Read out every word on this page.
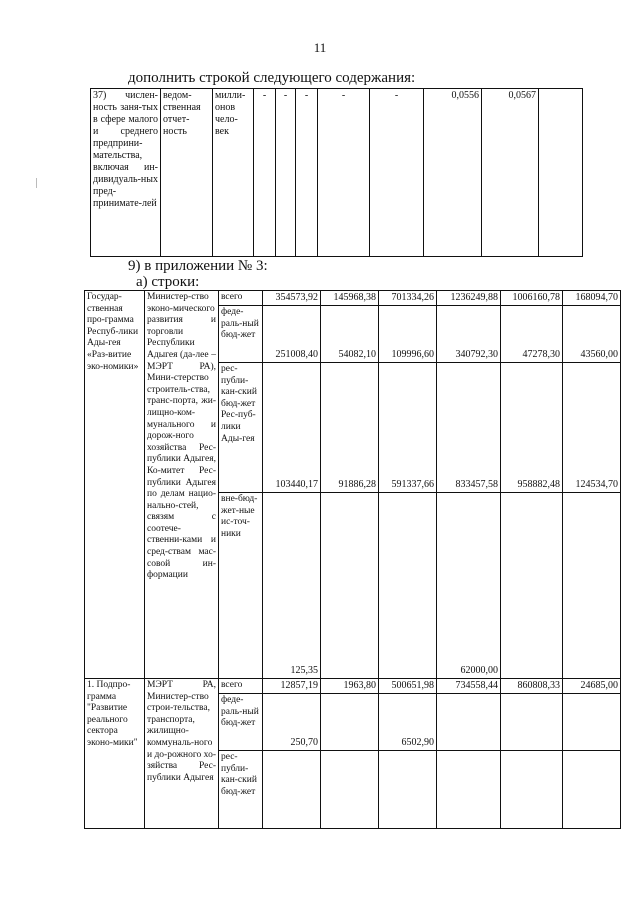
11
дополнить строкой следующего содержания:
37) числен-ность заня-тых в сфере малого и среднего предприни-мательства, включая ин-дивидуаль-ных пред-принимате-лей	ведом-ственная отчет-ность	милли-онов чело-век	-	-	-	-	-	0,0556	0,0567	
9) в приложении № 3:
а) строки:
Государ-ственная про-грамма Респуб-лики Ады-гея «Раз-витие эко-номики»	Министер-ство эконо-мического развития и торговли Республики Адыгея (да-лее – МЭРТ РА), Мини-стерство строитель-ства, транс-порта, жи-лищно-ком-мунального и дорож-ного хозяйства Рес-публики Адыгея, Ко-митет Рес-публики Адыгея по делам нацио-нально-стей, связям с соотече-ственни-ками и сред-ствам мас-совой ин-формации	всего	354573,92	145968,38	701334,26	1236249,88	1006160,78	168094,70
		феде-раль-ный бюд-жет	251008,40	54082,10	109996,60	340792,30	47278,30	43560,00
		рес-публи-кан-ский бюд-жет Рес-пуб-лики Ады-гея	103440,17	91886,28	591337,66	833457,58	958882,48	124534,70
		вне-бюд-жет-ные ис-точ-ники	125,35			62000,00		
1. Подпро-грамма "Развитие реального сектора эконо-мики"	МЭРТ РА, Министер-ство строи-тельства, транспорта, жилищно-коммуналь-ного и до-рожного хо-зяйства Рес-публики Адыгея	всего	12857,19	1963,80	500651,98	734558,44	860808,33	24685,00
		феде-раль-ный бюд-жет	250,70		6502,90			
		рес-публи-кан-ский бюд-жет						
